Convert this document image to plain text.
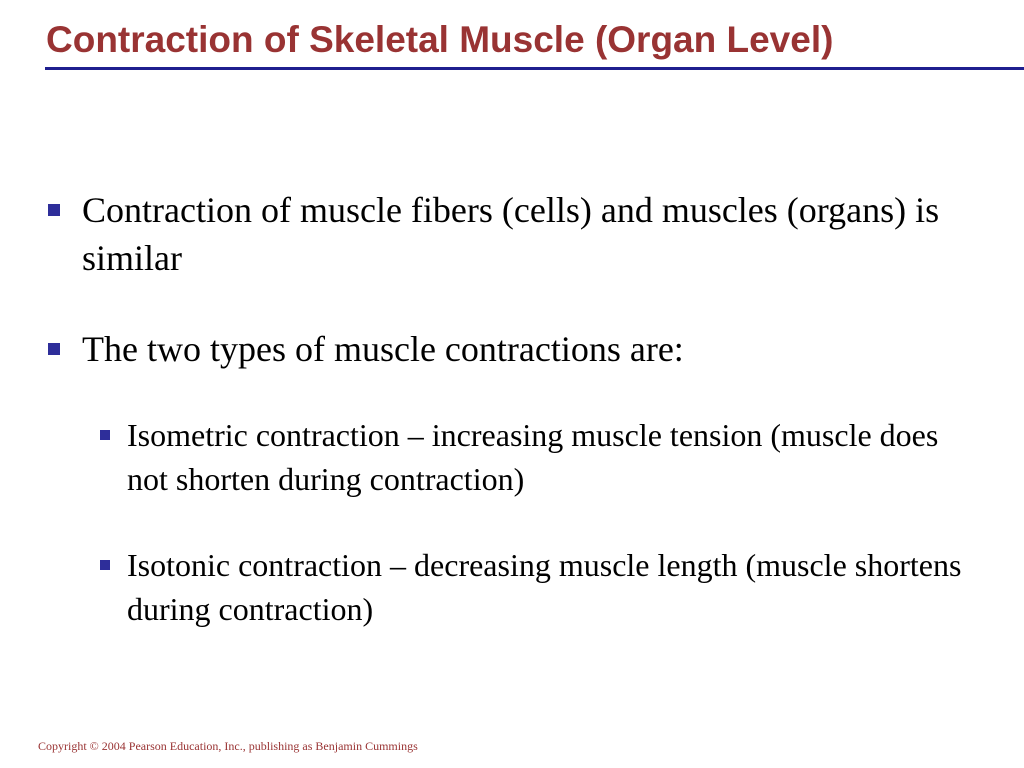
Contraction of Skeletal Muscle (Organ Level)
Contraction of muscle fibers (cells) and muscles (organs) is similar
The two types of muscle contractions are:
Isometric contraction – increasing muscle tension (muscle does not shorten during contraction)
Isotonic contraction – decreasing muscle length (muscle shortens during contraction)
Copyright © 2004 Pearson Education, Inc., publishing as Benjamin Cummings
